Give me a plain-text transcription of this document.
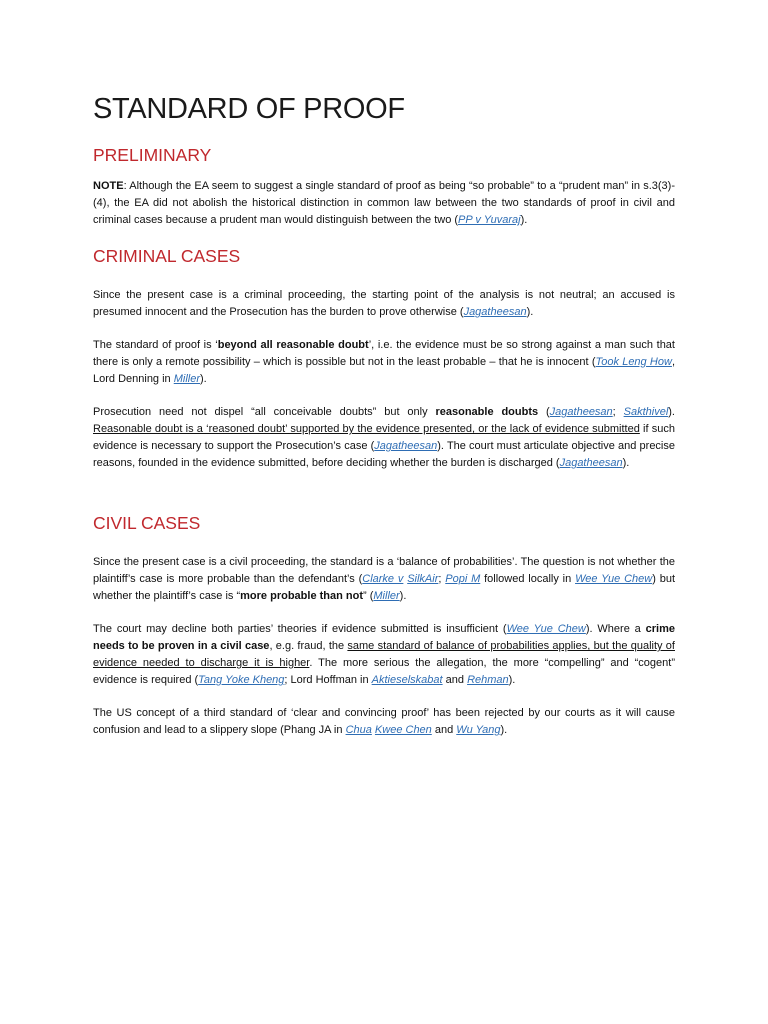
STANDARD OF PROOF
PRELIMINARY

NOTE: Although the EA seem to suggest a single standard of proof as being “so probable” to a “prudent man” in s.3(3)-(4), the EA did not abolish the historical distinction in common law between the two standards of proof in civil and criminal cases because a prudent man would distinguish between the two (PP v Yuvaraj).

CRIMINAL CASES

Since the present case is a criminal proceeding, the starting point of the analysis is not neutral; an accused is presumed innocent and the Prosecution has the burden to prove otherwise (Jagatheesan).

The standard of proof is ‘beyond all reasonable doubt’, i.e. the evidence must be so strong against a man such that there is only a remote possibility – which is possible but not in the least probable – that he is innocent (Took Leng How, Lord Denning in Miller).

Prosecution need not dispel “all conceivable doubts” but only reasonable doubts (Jagatheesan; Sakthivel). Reasonable doubt is a ‘reasoned doubt’ supported by the evidence presented, or the lack of evidence submitted if such evidence is necessary to support the Prosecution’s case (Jagatheesan). The court must articulate objective and precise reasons, founded in the evidence submitted, before deciding whether the burden is discharged (Jagatheesan).

CIVIL CASES

Since the present case is a civil proceeding, the standard is a ‘balance of probabilities’. The question is not whether the plaintiff’s case is more probable than the defendant’s (Clarke v SilkAir; Popi M followed locally in Wee Yue Chew) but whether the plaintiff’s case is “more probable than not” (Miller).

The court may decline both parties’ theories if evidence submitted is insufficient (Wee Yue Chew). Where a crime needs to be proven in a civil case, e.g. fraud, the same standard of balance of probabilities applies, but the quality of evidence needed to discharge it is higher. The more serious the allegation, the more “compelling” and “cogent” evidence is required (Tang Yoke Kheng; Lord Hoffman in Aktieselskabat and Rehman).

The US concept of a third standard of ‘clear and convincing proof’ has been rejected by our courts as it will cause confusion and lead to a slippery slope (Phang JA in Chua Kwee Chen and Wu Yang).
